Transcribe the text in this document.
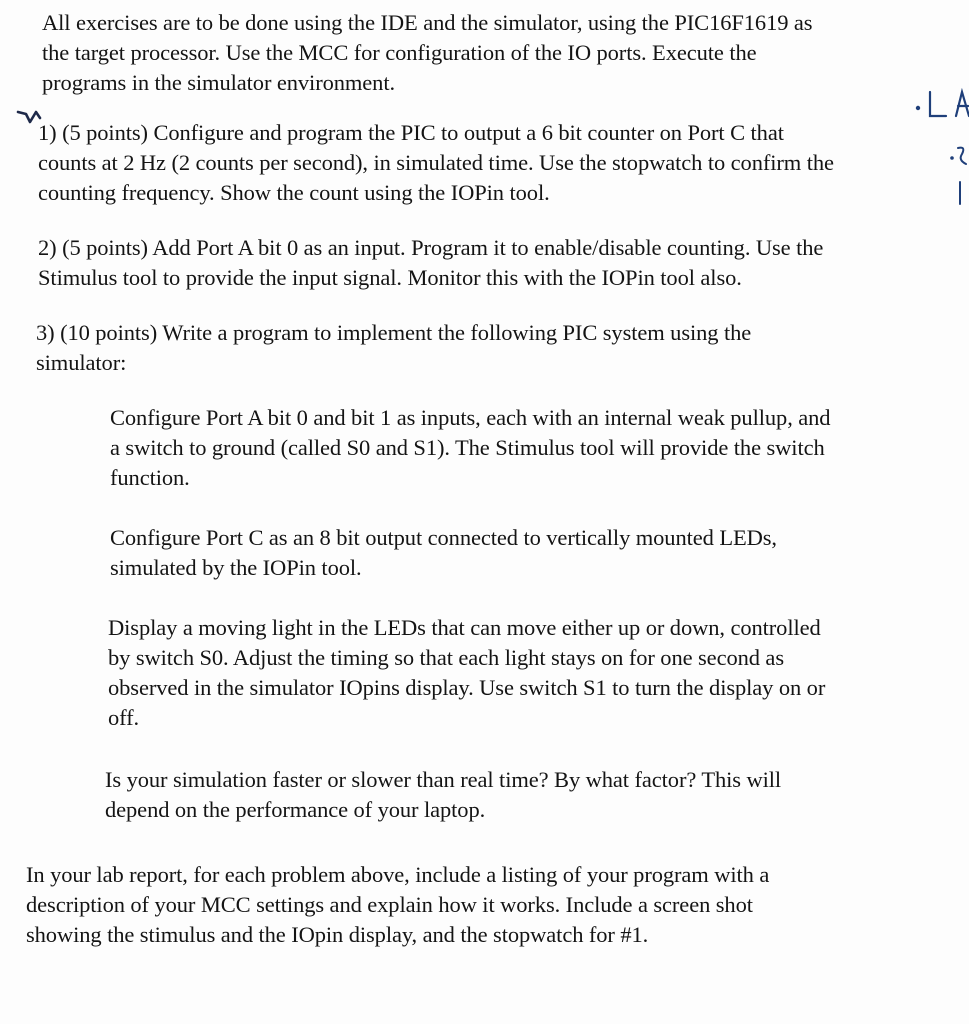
All exercises are to be done using the IDE and the simulator, using the PIC16F1619 as
the target processor. Use the MCC for configuration of the IO ports. Execute the
programs in the simulator environment.

1) (5 points) Configure and program the PIC to output a 6 bit counter on Port C that
counts at 2 Hz (2 counts per second), in simulated time. Use the stopwatch to confirm the
counting frequency. Show the count using the IOPin tool.

2) (5 points) Add Port A bit 0 as an input. Program it to enable/disable counting. Use the
Stimulus tool to provide the input signal. Monitor this with the IOPin tool also.

3) (10 points) Write a program to implement the following PIC system using the
simulator:

Configure Port A bit 0 and bit 1 as inputs, each with an internal weak pullup, and
a switch to ground (called S0 and S1). The Stimulus tool will provide the switch
function.

Configure Port C as an 8 bit output connected to vertically mounted LEDs,
simulated by the IOPin tool.

Display a moving light in the LEDs that can move either up or down, controlled
by switch S0. Adjust the timing so that each light stays on for one second as
observed in the simulator IOpins display. Use switch S1 to turn the display on or
off.

Is your simulation faster or slower than real time? By what factor? This will
depend on the performance of your laptop.

In your lab report, for each problem above, include a listing of your program with a
description of your MCC settings and explain how it works. Include a screen shot
showing the stimulus and the IOpin display, and the stopwatch for #1.
